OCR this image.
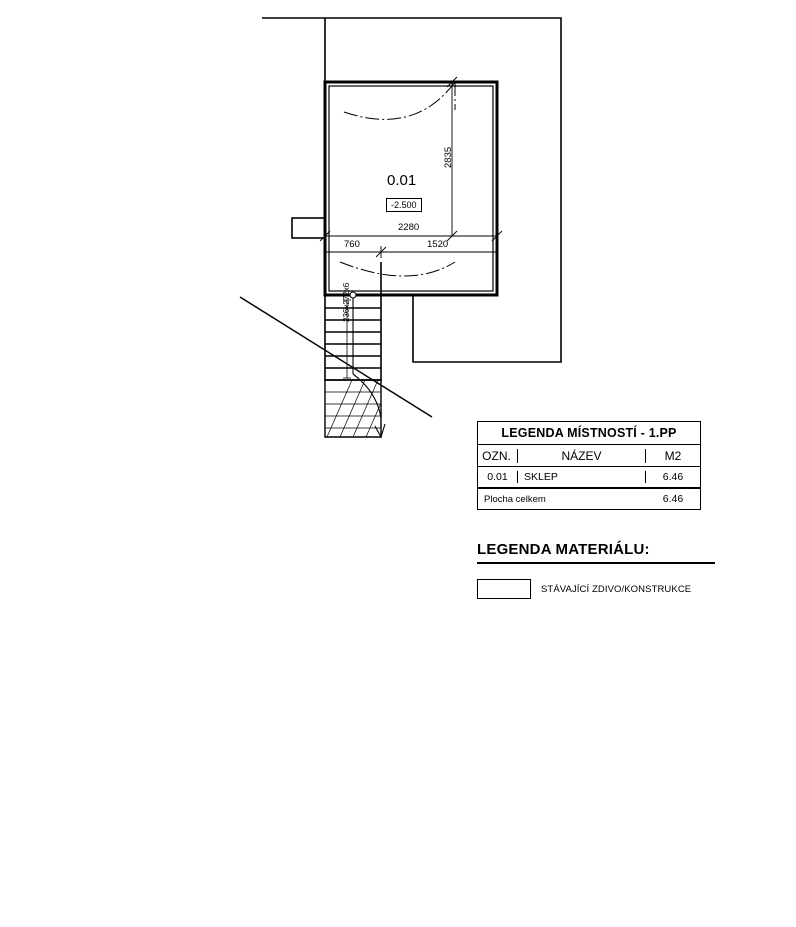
0.01
-2.500
2280
760	1520
2835
236x272x6
LEGENDA MÍSTNOSTÍ - 1.PP
OZN.	NÁZEV	M2
0.01	SKLEP	6.46
Plocha celkem	6.46
LEGENDA MATERIÁLU:
STÁVAJÍCÍ ZDIVO/KONSTRUKCE
